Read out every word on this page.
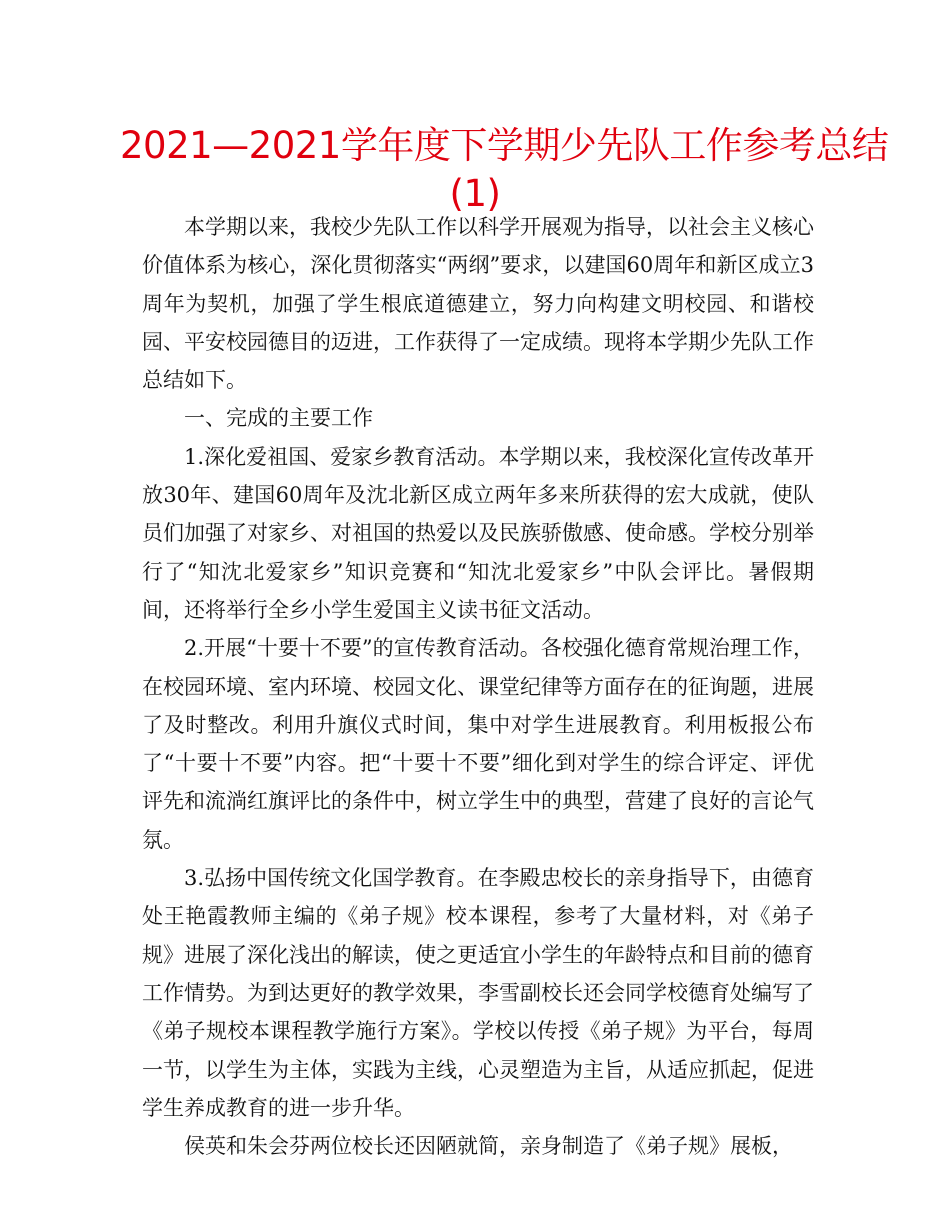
2021—2021学年度下学期少先队工作参考总结
(1)

本学期以来，我校少先队工作以科学开展观为指导，以社会主义核心价值体系为核心，深化贯彻落实“两纲”要求，以建国60周年和新区成立3周年为契机，加强了学生根底道德建立，努力向构建文明校园、和谐校园、平安校园德目的迈进，工作获得了一定成绩。现将本学期少先队工作总结如下。

一、完成的主要工作

1.深化爱祖国、爱家乡教育活动。本学期以来，我校深化宣传改革开放30年、建国60周年及沈北新区成立两年多来所获得的宏大成就，使队员们加强了对家乡、对祖国的热爱以及民族骄傲感、使命感。学校分别举行了“知沈北爱家乡”知识竞赛和“知沈北爱家乡”中队会评比。暑假期间，还将举行全乡小学生爱国主义读书征文活动。

2.开展“十要十不要”的宣传教育活动。各校强化德育常规治理工作，在校园环境、室内环境、校园文化、课堂纪律等方面存在的征询题，进展了及时整改。利用升旗仪式时间，集中对学生进展教育。利用板报公布了“十要十不要”内容。把“十要十不要”细化到对学生的综合评定、评优评先和流淌红旗评比的条件中，树立学生中的典型，营建了良好的言论气氛。

3.弘扬中国传统文化国学教育。在李殿忠校长的亲身指导下，由德育处王艳霞教师主编的《弟子规》校本课程，参考了大量材料，对《弟子规》进展了深化浅出的解读，使之更适宜小学生的年龄特点和目前的德育工作情势。为到达更好的教学效果，李雪副校长还会同学校德育处编写了《弟子规校本课程教学施行方案》。学校以传授《弟子规》为平台，每周一节，以学生为主体，实践为主线，心灵塑造为主旨，从适应抓起，促进学生养成教育的进一步升华。

侯英和朱会芬两位校长还因陋就简，亲身制造了《弟子规》展板，
